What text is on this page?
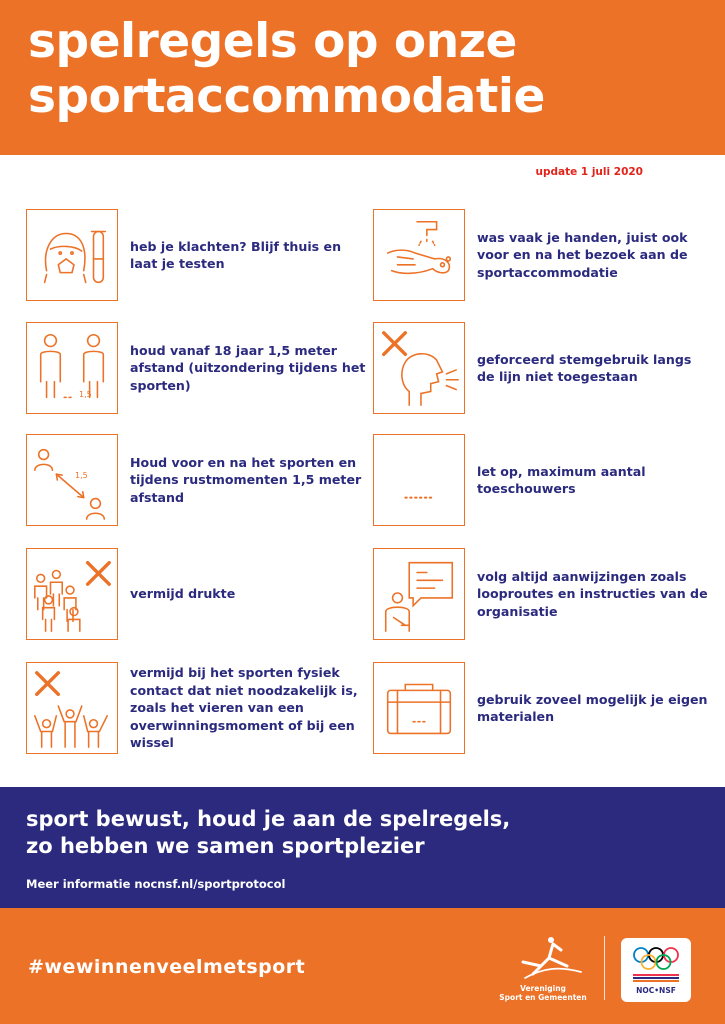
spelregels op onze
sportaccommodatie
update 1 juli 2020
heb je klachten? Blijf thuis en laat je testen
1,5
houd vanaf 18 jaar 1,5 meter afstand (uitzondering tijdens het sporten)
1,5
Houd voor en na het sporten en tijdens rustmomenten 1,5 meter afstand
vermijd drukte
vermijd bij het sporten fysiek contact dat niet noodzakelijk is, zoals het vieren van een overwinningsmoment of bij een wissel
was vaak je handen, juist ook voor en na het bezoek aan de sportaccommodatie
geforceerd stemgebruik langs de lijn niet toegestaan
let op, maximum aantal toeschouwers
volg altijd aanwijzingen zoals looproutes en instructies van de organisatie
gebruik zoveel mogelijk je eigen materialen
sport bewust, houd je aan de spelregels,
zo hebben we samen sportplezier
Meer informatie nocnsf.nl/sportprotocol
#wewinnenveelmetsport
Vereniging
Sport en Gemeenten
NOC•NSF
